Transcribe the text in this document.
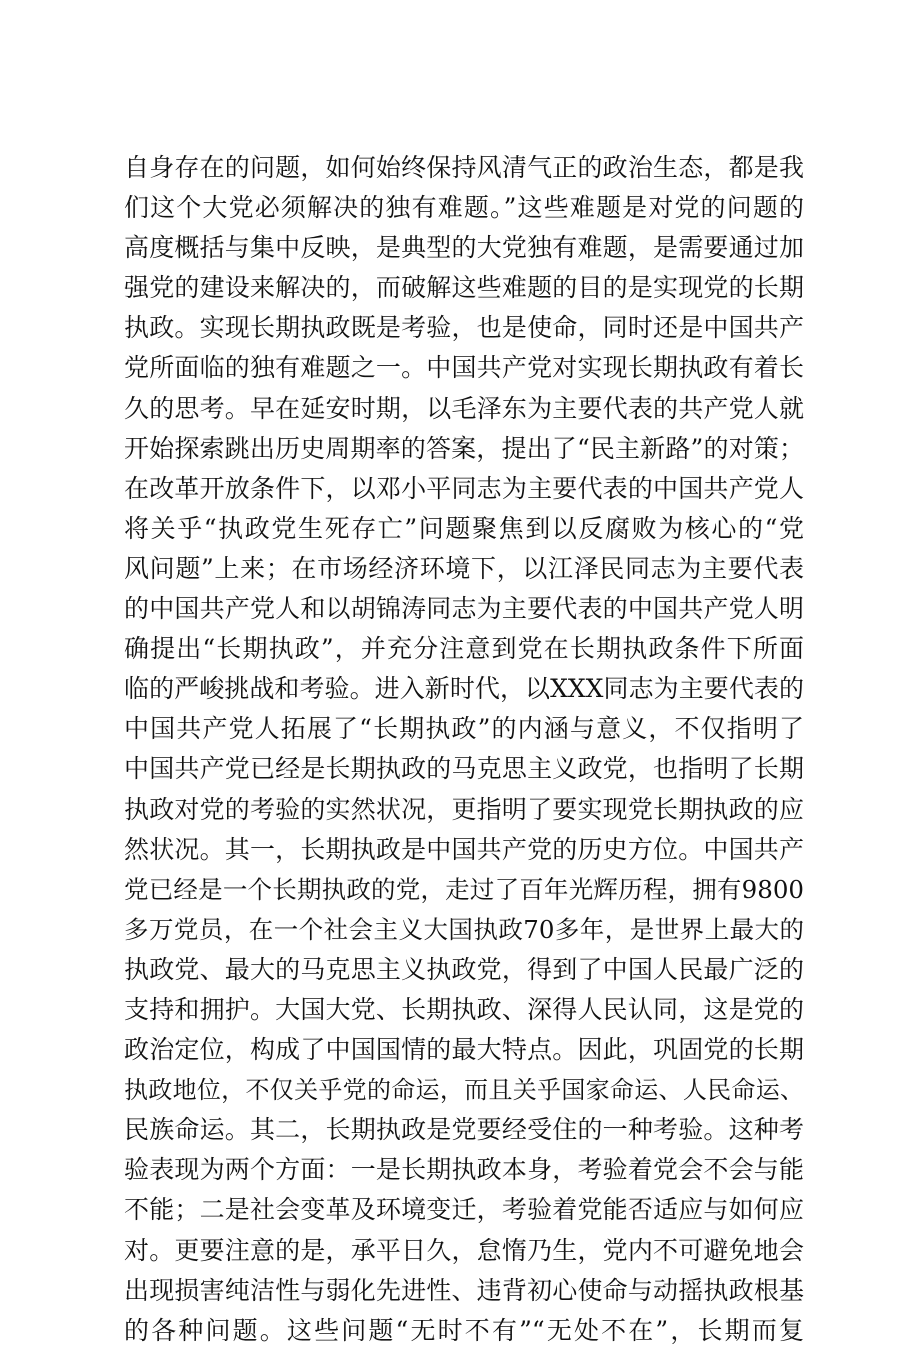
自身存在的问题，如何始终保持风清气正的政治生态，都是我
们这个大党必须解决的独有难题。”这些难题是对党的问题的
高度概括与集中反映，是典型的大党独有难题，是需要通过加
强党的建设来解决的，而破解这些难题的目的是实现党的长期
执政。实现长期执政既是考验，也是使命，同时还是中国共产
党所面临的独有难题之一。中国共产党对实现长期执政有着长
久的思考。早在延安时期，以毛泽东为主要代表的共产党人就
开始探索跳出历史周期率的答案，提出了“民主新路”的对策；
在改革开放条件下，以邓小平同志为主要代表的中国共产党人
将关乎“执政党生死存亡”问题聚焦到以反腐败为核心的“党
风问题”上来；在市场经济环境下，以江泽民同志为主要代表
的中国共产党人和以胡锦涛同志为主要代表的中国共产党人明
确提出“长期执政”，并充分注意到党在长期执政条件下所面
临的严峻挑战和考验。进入新时代，以XXX同志为主要代表的
中国共产党人拓展了“长期执政”的内涵与意义，不仅指明了
中国共产党已经是长期执政的马克思主义政党，也指明了长期
执政对党的考验的实然状况，更指明了要实现党长期执政的应
然状况。其一，长期执政是中国共产党的历史方位。中国共产
党已经是一个长期执政的党，走过了百年光辉历程，拥有9800
多万党员，在一个社会主义大国执政70多年，是世界上最大的
执政党、最大的马克思主义执政党，得到了中国人民最广泛的
支持和拥护。大国大党、长期执政、深得人民认同，这是党的
政治定位，构成了中国国情的最大特点。因此，巩固党的长期
执政地位，不仅关乎党的命运，而且关乎国家命运、人民命运、
民族命运。其二，长期执政是党要经受住的一种考验。这种考
验表现为两个方面：一是长期执政本身，考验着党会不会与能
不能；二是社会变革及环境变迁，考验着党能否适应与如何应
对。更要注意的是，承平日久，怠惰乃生，党内不可避免地会
出现损害纯洁性与弱化先进性、违背初心使命与动摇执政根基
的各种问题。这些问题“无时不有”“无处不在”，长期而复
